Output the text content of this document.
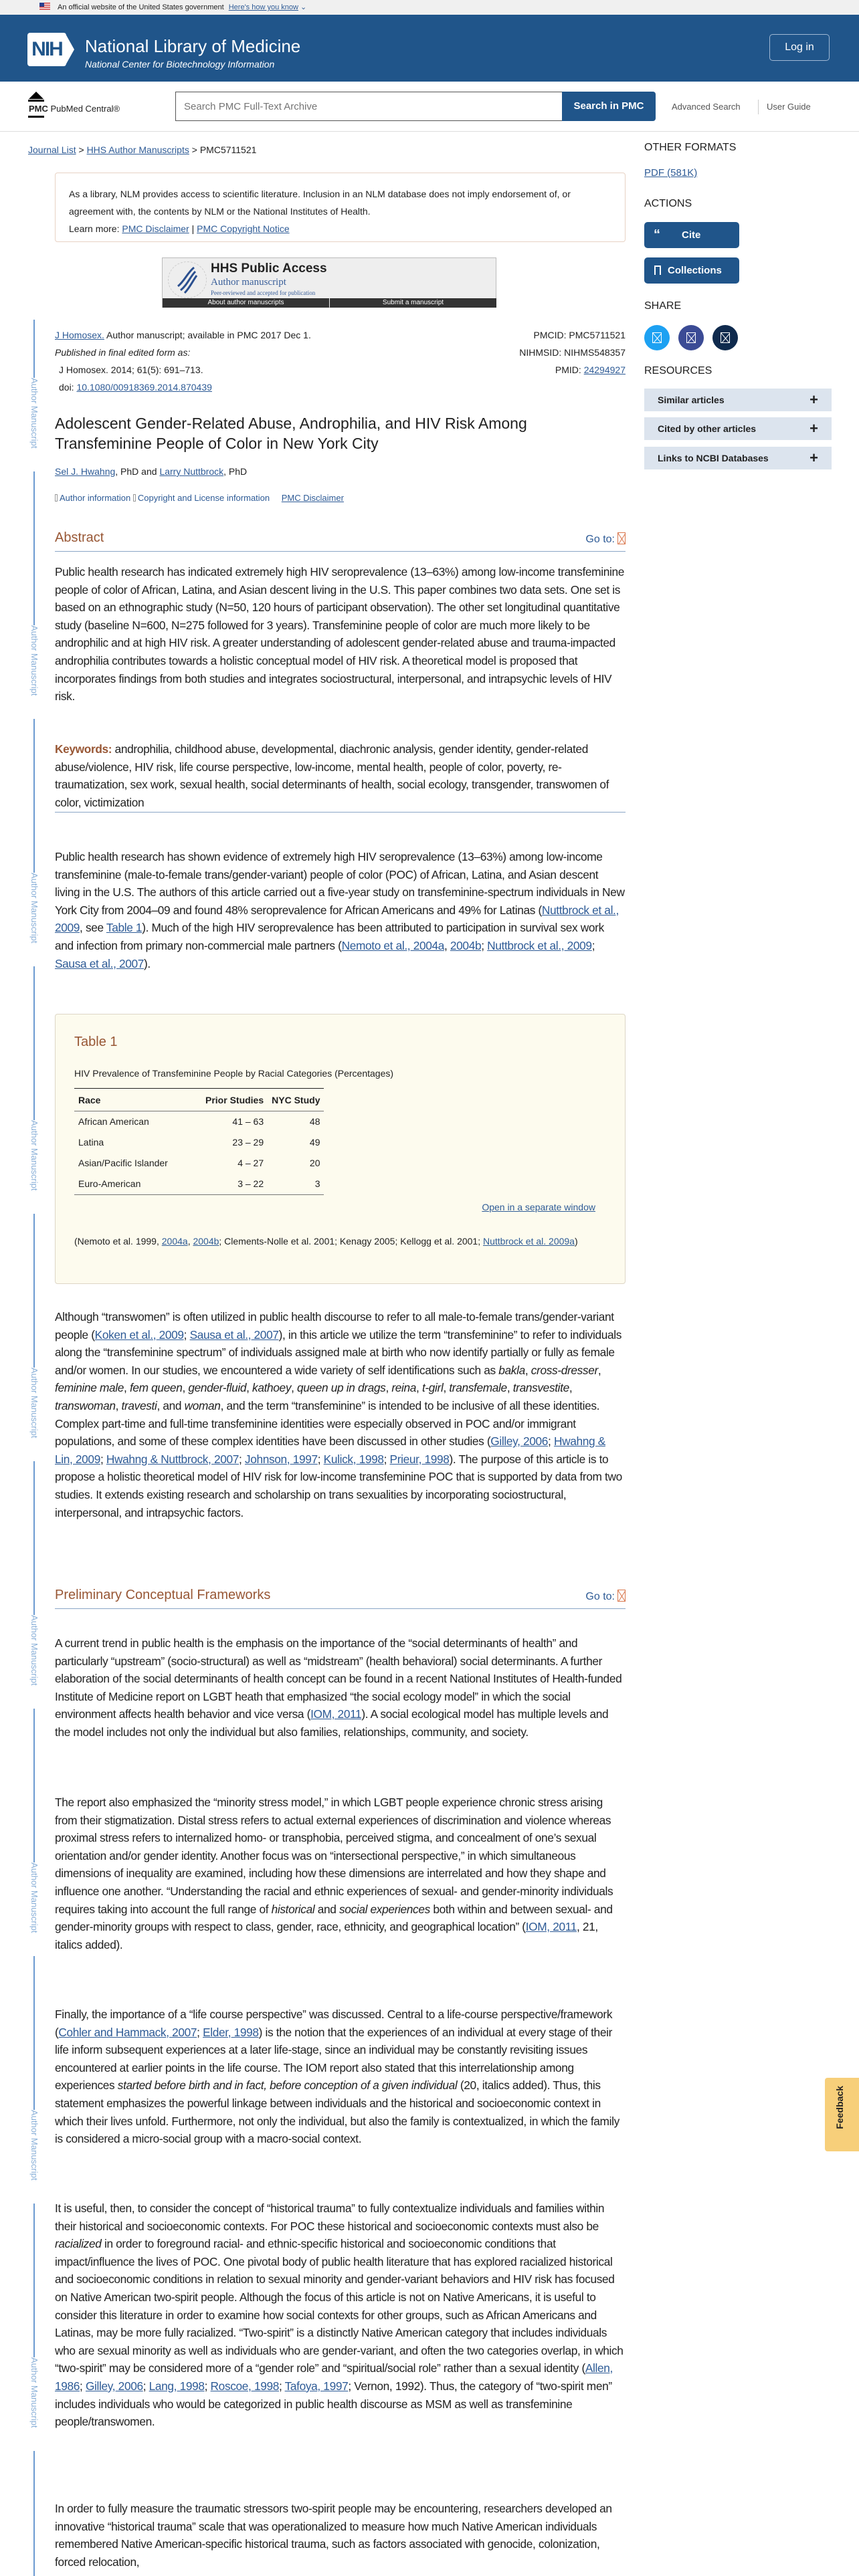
An official website of the United States government Here's how you know ⌄
NIH National Library of Medicine
National Center for Biotechnology Information
Log in
PMC PubMed Central®
Search PMC Full-Text Archive	Search in PMC	Advanced Search	User Guide
Journal List > HHS Author Manuscripts > PMC5711521
As a library, NLM provides access to scientific literature. Inclusion in an NLM database does not imply endorsement of, or agreement with, the contents by NLM or the National Institutes of Health.
Learn more: PMC Disclaimer | PMC Copyright Notice
HHS Public Access
Author manuscript
Peer-reviewed and accepted for publication
About author manuscripts	Submit a manuscript
J Homosex. Author manuscript; available in PMC 2017 Dec 1.
Published in final edited form as:
J Homosex. 2014; 61(5): 691–713.
doi: 10.1080/00918369.2014.870439
PMCID: PMC5711521
NIHMSID: NIHMS548357
PMID: 24294927
Adolescent Gender-Related Abuse, Androphilia, and HIV Risk Among Transfeminine People of Color in New York City
Sel J. Hwahng, PhD and Larry Nuttbrock, PhD
Author information Copyright and License information PMC Disclaimer
Abstract	Go to:
Public health research has indicated extremely high HIV seroprevalence (13–63%) among low-income transfeminine people of color of African, Latina, and Asian descent living in the U.S. This paper combines two data sets. One set is based on an ethnographic study (N=50, 120 hours of participant observation). The other set longitudinal quantitative study (baseline N=600, N=275 followed for 3 years). Transfeminine people of color are much more likely to be androphilic and at high HIV risk. A greater understanding of adolescent gender-related abuse and trauma-impacted androphilia contributes towards a holistic conceptual model of HIV risk. A theoretical model is proposed that incorporates findings from both studies and integrates sociostructural, interpersonal, and intrapsychic levels of HIV risk.
Keywords: androphilia, childhood abuse, developmental, diachronic analysis, gender identity, gender-related abuse/violence, HIV risk, life course perspective, low-income, mental health, people of color, poverty, re-traumatization, sex work, sexual health, social determinants of health, social ecology, transgender, transwomen of color, victimization
Public health research has shown evidence of extremely high HIV seroprevalence (13–63%) among low-income transfeminine (male-to-female trans/gender-variant) people of color (POC) of African, Latina, and Asian descent living in the U.S. The authors of this article carried out a five-year study on transfeminine-spectrum individuals in New York City from 2004–09 and found 48% seroprevalence for African Americans and 49% for Latinas (Nuttbrock et al., 2009, see Table 1). Much of the high HIV seroprevalence has been attributed to participation in survival sex work and infection from primary non-commercial male partners (Nemoto et al., 2004a, 2004b; Nuttbrock et al., 2009; Sausa et al., 2007).
Table 1
HIV Prevalence of Transfeminine People by Racial Categories (Percentages)
Race	Prior Studies	NYC Study
African American	41 – 63	48
Latina	23 – 29	49
Asian/Pacific Islander	4 – 27	20
Euro-American	3 – 22	3
Open in a separate window
(Nemoto et al. 1999, 2004a, 2004b; Clements-Nolle et al. 2001; Kenagy 2005; Kellogg et al. 2001; Nuttbrock et al. 2009a)
Although “transwomen” is often utilized in public health discourse to refer to all male-to-female trans/gender-variant people (Koken et al., 2009; Sausa et al., 2007), in this article we utilize the term “transfeminine” to refer to individuals along the “transfeminine spectrum” of individuals assigned male at birth who now identify partially or fully as female and/or women. In our studies, we encountered a wide variety of self identifications such as bakla, cross-dresser, feminine male, fem queen, gender-fluid, kathoey, queen up in drags, reina, t-girl, transfemale, transvestite, transwoman, travesti, and woman, and the term “transfeminine” is intended to be inclusive of all these identities. Complex part-time and full-time transfeminine identities were especially observed in POC and/or immigrant populations, and some of these complex identities have been discussed in other studies (Gilley, 2006; Hwahng & Lin, 2009; Hwahng & Nuttbrock, 2007; Johnson, 1997; Kulick, 1998; Prieur, 1998). The purpose of this article is to propose a holistic theoretical model of HIV risk for low-income transfeminine POC that is supported by data from two studies. It extends existing research and scholarship on trans sexualities by incorporating sociostructural, interpersonal, and intrapsychic factors.
Preliminary Conceptual Frameworks	Go to:
A current trend in public health is the emphasis on the importance of the “social determinants of health” and particularly “upstream” (socio-structural) as well as “midstream” (health behavioral) social determinants. A further elaboration of the social determinants of health concept can be found in a recent National Institutes of Health-funded Institute of Medicine report on LGBT heath that emphasized “the social ecology model” in which the social environment affects health behavior and vice versa (IOM, 2011). A social ecological model has multiple levels and the model includes not only the individual but also families, relationships, community, and society.
The report also emphasized the “minority stress model,” in which LGBT people experience chronic stress arising from their stigmatization. Distal stress refers to actual external experiences of discrimination and violence whereas proximal stress refers to internalized homo- or transphobia, perceived stigma, and concealment of one’s sexual orientation and/or gender identity. Another focus was on “intersectional perspective,” in which simultaneous dimensions of inequality are examined, including how these dimensions are interrelated and how they shape and influence one another. “Understanding the racial and ethnic experiences of sexual- and gender-minority individuals requires taking into account the full range of historical and social experiences both within and between sexual- and gender-minority groups with respect to class, gender, race, ethnicity, and geographical location” (IOM, 2011, 21, italics added).
Finally, the importance of a “life course perspective” was discussed. Central to a life-course perspective/framework (Cohler and Hammack, 2007; Elder, 1998) is the notion that the experiences of an individual at every stage of their life inform subsequent experiences at a later life-stage, since an individual may be constantly revisiting issues encountered at earlier points in the life course. The IOM report also stated that this interrelationship among experiences started before birth and in fact, before conception of a given individual (20, italics added). Thus, this statement emphasizes the powerful linkage between individuals and the historical and socioeconomic context in which their lives unfold. Furthermore, not only the individual, but also the family is contextualized, in which the family is considered a micro-social group with a macro-social context.
It is useful, then, to consider the concept of “historical trauma” to fully contextualize individuals and families within their historical and socioeconomic contexts. For POC these historical and socioeconomic contexts must also be racialized in order to foreground racial- and ethnic-specific historical and socioeconomic conditions that impact/influence the lives of POC. One pivotal body of public health literature that has explored racialized historical and socioeconomic conditions in relation to sexual minority and gender-variant behaviors and HIV risk has focused on Native American two-spirit people. Although the focus of this article is not on Native Americans, it is useful to consider this literature in order to examine how social contexts for other groups, such as African Americans and Latinas, may be more fully racialized. “Two-spirit” is a distinctly Native American category that includes individuals who are sexual minority as well as individuals who are gender-variant, and often the two categories overlap, in which “two-spirit” may be considered more of a “gender role” and “spiritual/social role” rather than a sexual identity (Allen, 1986; Gilley, 2006; Lang, 1998; Roscoe, 1998; Tafoya, 1997; Vernon, 1992). Thus, the category of “two-spirit men” includes individuals who would be categorized in public health discourse as MSM as well as transfeminine people/transwomen.
In order to fully measure the traumatic stressors two-spirit people may be encountering, researchers developed an innovative “historical trauma” scale that was operationalized to measure how much Native American individuals remembered Native American-specific historical trauma, such as factors associated with genocide, colonization, forced relocation,
Author Manuscript
Author Manuscript
Author Manuscript
Author Manuscript
Author Manuscript
Author Manuscript
Author Manuscript
Author Manuscript
Author Manuscript
OTHER FORMATS
PDF (581K)
ACTIONS
“ Cite
Collections
SHARE
RESOURCES
Similar articles	+
Cited by other articles	+
Links to NCBI Databases	+
Feedback
